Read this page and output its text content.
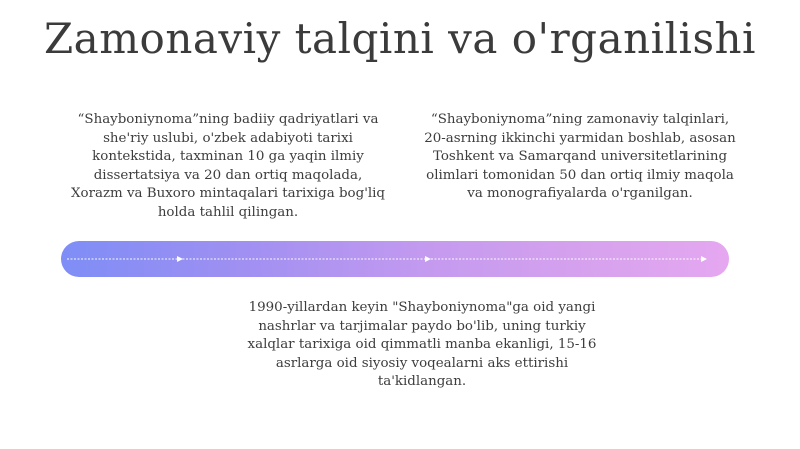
Zamonaviy talqini va o'rganilishi
“Shayboniynoma”ning badiiy qadriyatlari va she'riy uslubi, o'zbek adabiyoti tarixi kontekstida, taxminan 10 ga yaqin ilmiy dissertatsiya va 20 dan ortiq maqolada, Xorazm va Buxoro mintaqalari tarixiga bog'liq holda tahlil qilingan.
“Shayboniynoma”ning zamonaviy talqinlari, 20-asrning ikkinchi yarmidan boshlab, asosan Toshkent va Samarqand universitetlarining olimlari tomonidan 50 dan ortiq ilmiy maqola va monografiyalarda o'rganilgan.
1990-yillardan keyin "Shayboniynoma"ga oid yangi nashrlar va tarjimalar paydo bo'lib, uning turkiy xalqlar tarixiga oid qimmatli manba ekanligi, 15-16 asrlarga oid siyosiy voqealarni aks ettirishi ta'kidlangan.
